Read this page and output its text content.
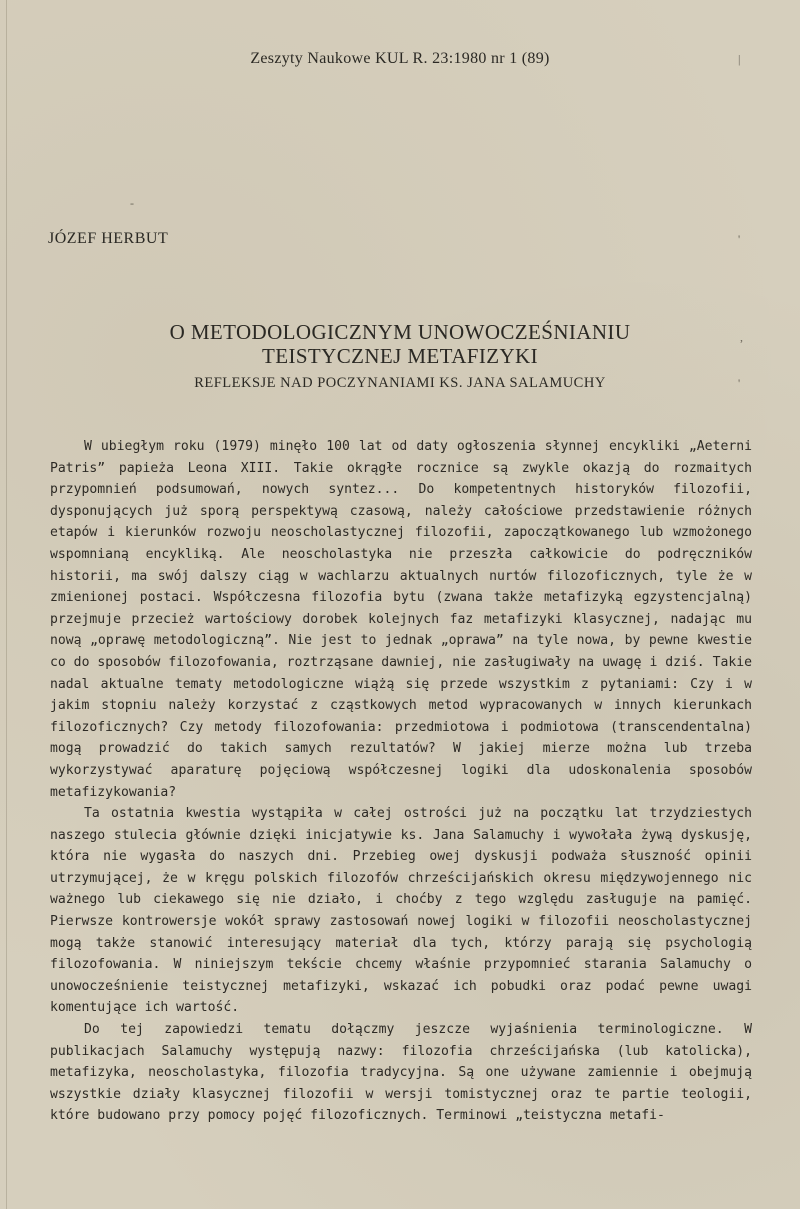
Zeszyty Naukowe KUL R. 23:1980 nr 1 (89)
JÓZEF HERBUT
O METODOLOGICZNYM UNOWOCZEŚNIANIU
TEISTYCZNEJ METAFIZYKI
REFLEKSJE NAD POCZYNANIAMI KS. JANA SALAMUCHY

W ubiegłym roku (1979) minęło 100 lat od daty ogłoszenia słynnej encykliki „Aeterni Patris” papieża Leona XIII. Takie okrągłe rocznice są zwykle okazją do rozmaitych przypomnień podsumowań, nowych syntez... Do kompetentnych historyków filozofii, dysponujących już sporą perspektywą czasową, należy całościowe przedstawienie różnych etapów i kierunków rozwoju neoscholastycznej filozofii, zapoczątkowanego lub wzmożonego wspomnianą encykliką. Ale neoscholastyka nie przeszła całkowicie do podręczników historii, ma swój dalszy ciąg w wachlarzu aktualnych nurtów filozoficznych, tyle że w zmienionej postaci. Współczesna filozofia bytu (zwana także metafizyką egzystencjalną) przejmuje przecież wartościowy dorobek kolejnych faz metafizyki klasycznej, nadając mu nową „oprawę metodologiczną”. Nie jest to jednak „oprawa” na tyle nowa, by pewne kwestie co do sposobów filozofowania, roztrząsane dawniej, nie zasługiwały na uwagę i dziś. Takie nadal aktualne tematy metodologiczne wiążą się przede wszystkim z pytaniami: Czy i w jakim stopniu należy korzystać z cząstkowych metod wypracowanych w innych kierunkach filozoficznych? Czy metody filozofowania: przedmiotowa i podmiotowa (transcendentalna) mogą prowadzić do takich samych rezultatów? W jakiej mierze można lub trzeba wykorzystywać aparaturę pojęciową współczesnej logiki dla udoskonalenia sposobów metafizykowania?

Ta ostatnia kwestia wystąpiła w całej ostrości już na początku lat trzydziestych naszego stulecia głównie dzięki inicjatywie ks. Jana Salamuchy i wywołała żywą dyskusję, która nie wygasła do naszych dni. Przebieg owej dyskusji podważa słuszność opinii utrzymującej, że w kręgu polskich filozofów chrześcijańskich okresu międzywojennego nic ważnego lub ciekawego się nie działo, i choćby z tego względu zasługuje na pamięć. Pierwsze kontrowersje wokół sprawy zastosowań nowej logiki w filozofii neoscholastycznej mogą także stanowić interesujący materiał dla tych, którzy parają się psychologią filozofowania. W niniejszym tekście chcemy właśnie przypomnieć starania Salamuchy o unowocześnienie teistycznej metafizyki, wskazać ich pobudki oraz podać pewne uwagi komentujące ich wartość.

Do tej zapowiedzi tematu dołączmy jeszcze wyjaśnienia terminologiczne. W publikacjach Salamuchy występują nazwy: filozofia chrześcijańska (lub katolicka), metafizyka, neoscholastyka, filozofia tradycyjna. Są one używane zamiennie i obejmują wszystkie działy klasycznej filozofii w wersji tomistycznej oraz te partie teologii, które budowano przy pomocy pojęć filozoficznych. Terminowi „teistyczna metafi-

|
'
,
'
-
